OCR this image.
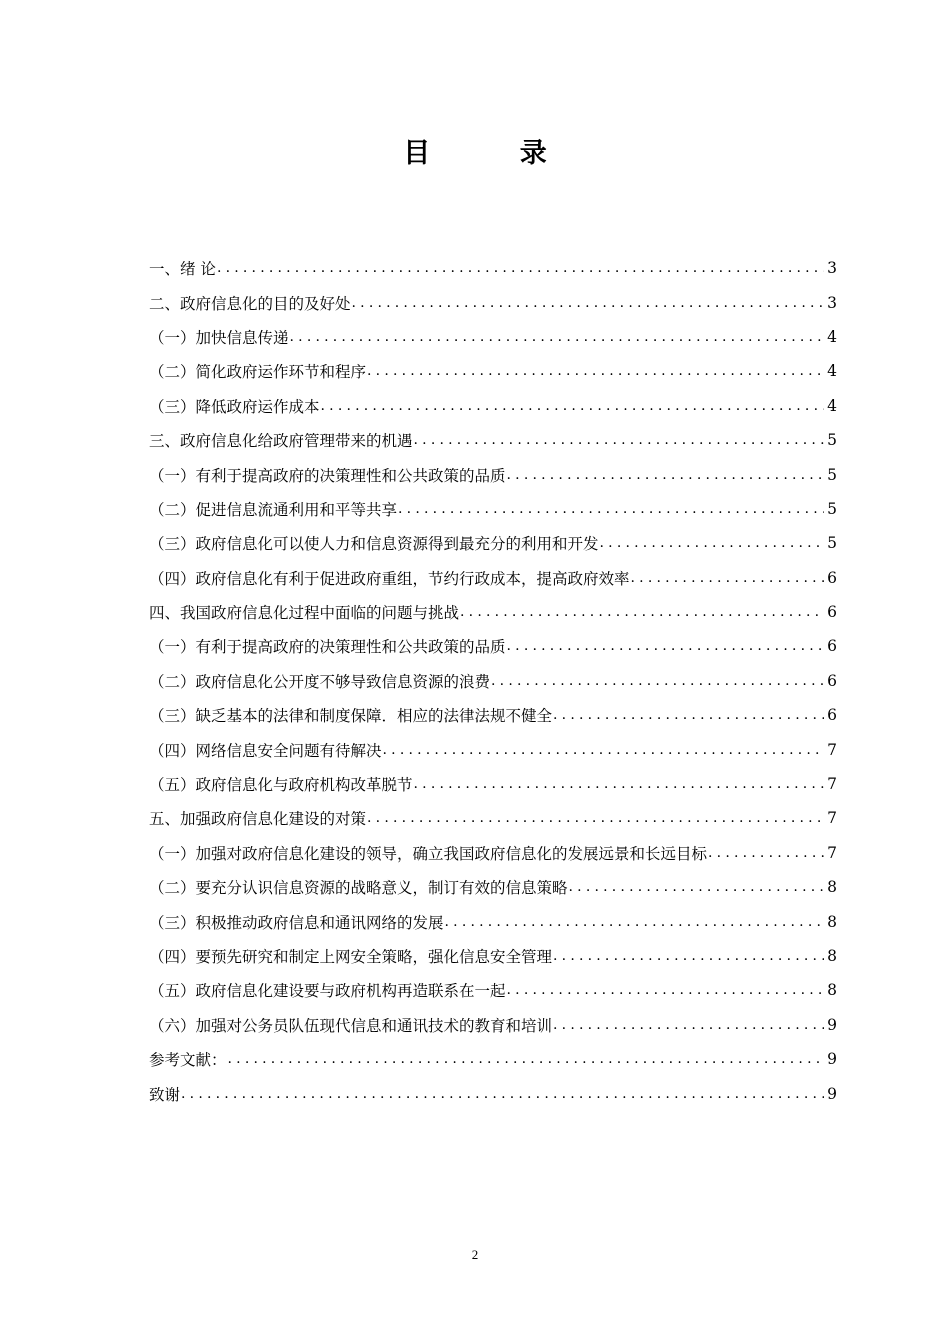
目 录
一、绪 论 .....	3
二、政府信息化的目的及好处 .....	3
（一）加快信息传递 .....	4
（二）简化政府运作环节和程序 .....	4
（三）降低政府运作成本 .....	4
三、政府信息化给政府管理带来的机遇 .....	5
（一）有利于提高政府的决策理性和公共政策的品质 .....	5
（二）促进信息流通利用和平等共享 .....	5
（三）政府信息化可以使人力和信息资源得到最充分的利用和开发 .....	5
（四）政府信息化有利于促进政府重组，节约行政成本，提高政府效率 .....	6
四、我国政府信息化过程中面临的问题与挑战 .....	6
（一）有利于提高政府的决策理性和公共政策的品质 .....	6
（二）政府信息化公开度不够导致信息资源的浪费 .....	6
（三）缺乏基本的法律和制度保障．相应的法律法规不健全 .....	6
（四）网络信息安全问题有待解决 .....	7
（五）政府信息化与政府机构改革脱节 .....	7
五、加强政府信息化建设的对策 .....	7
（一）加强对政府信息化建设的领导，确立我国政府信息化的发展远景和长远目标 .....	7
（二）要充分认识信息资源的战略意义，制订有效的信息策略 .....	8
（三）积极推动政府信息和通讯网络的发展 .....	8
（四）要预先研究和制定上网安全策略，强化信息安全管理 .....	8
（五）政府信息化建设要与政府机构再造联系在一起 .....	8
（六）加强对公务员队伍现代信息和通讯技术的教育和培训 .....	9
参考文献： .....	9
致谢 .....	9
2
